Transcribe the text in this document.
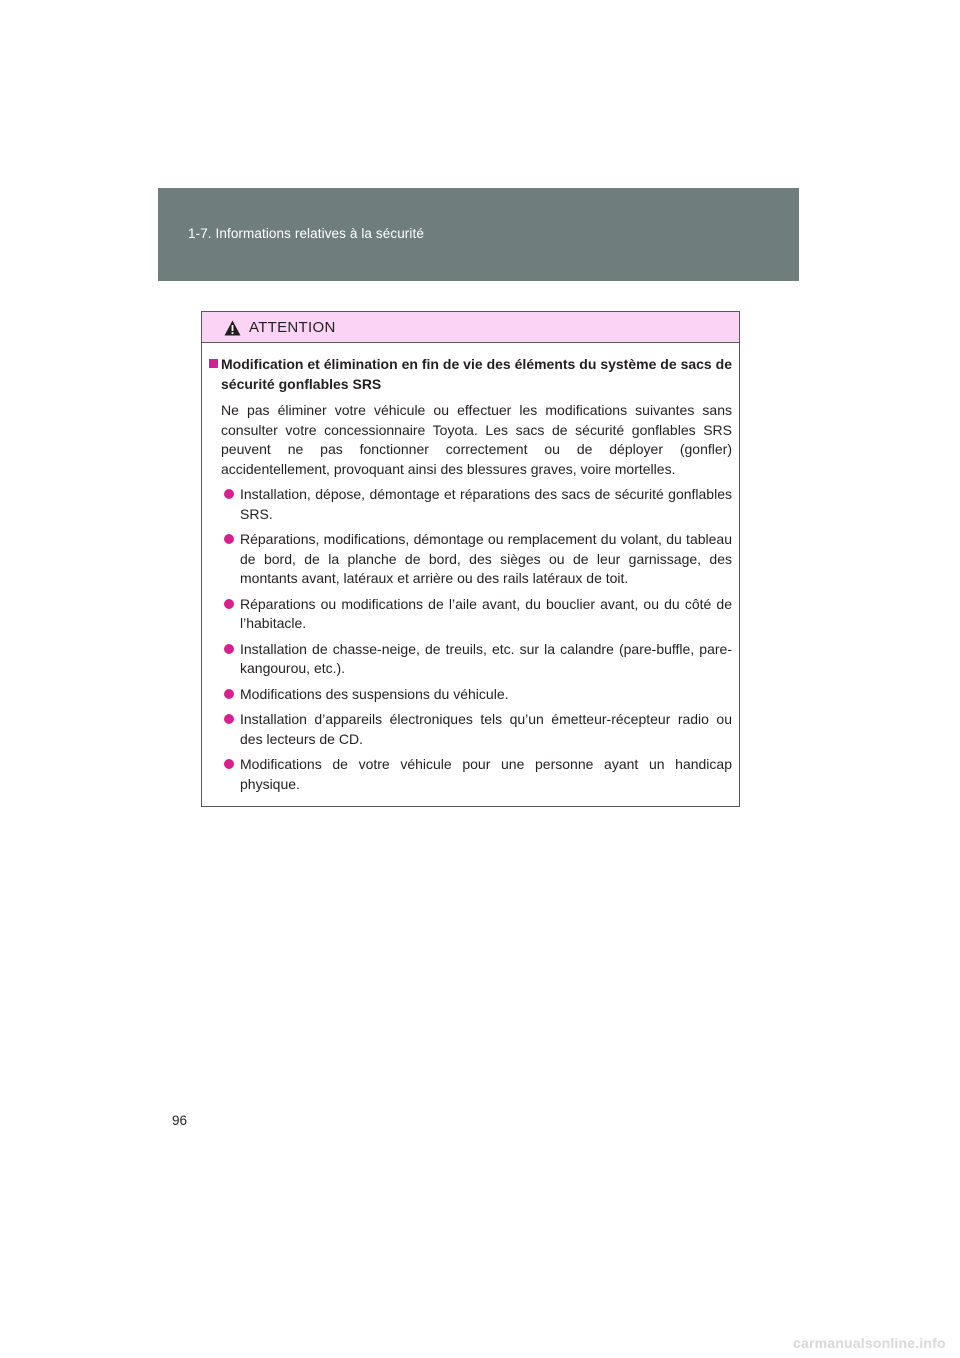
1-7. Informations relatives à la sécurité
ATTENTION
Modification et élimination en fin de vie des éléments du système de sacs de sécurité gonflables SRS
Ne pas éliminer votre véhicule ou effectuer les modifications suivantes sans consulter votre concessionnaire Toyota. Les sacs de sécurité gonflables SRS peuvent ne pas fonctionner correctement ou de déployer (gonfler) accidentellement, provoquant ainsi des blessures graves, voire mortelles.
Installation, dépose, démontage et réparations des sacs de sécurité gonflables SRS.
Réparations, modifications, démontage ou remplacement du volant, du tableau de bord, de la planche de bord, des sièges ou de leur garnissage, des montants avant, latéraux et arrière ou des rails latéraux de toit.
Réparations ou modifications de l’aile avant, du bouclier avant, ou du côté de l’habitacle.
Installation de chasse-neige, de treuils, etc. sur la calandre (pare-buffle, pare-kangourou, etc.).
Modifications des suspensions du véhicule.
Installation d’appareils électroniques tels qu’un émetteur-récepteur radio ou des lecteurs de CD.
Modifications de votre véhicule pour une personne ayant un handicap physique.
96
carmanualsonline.info
